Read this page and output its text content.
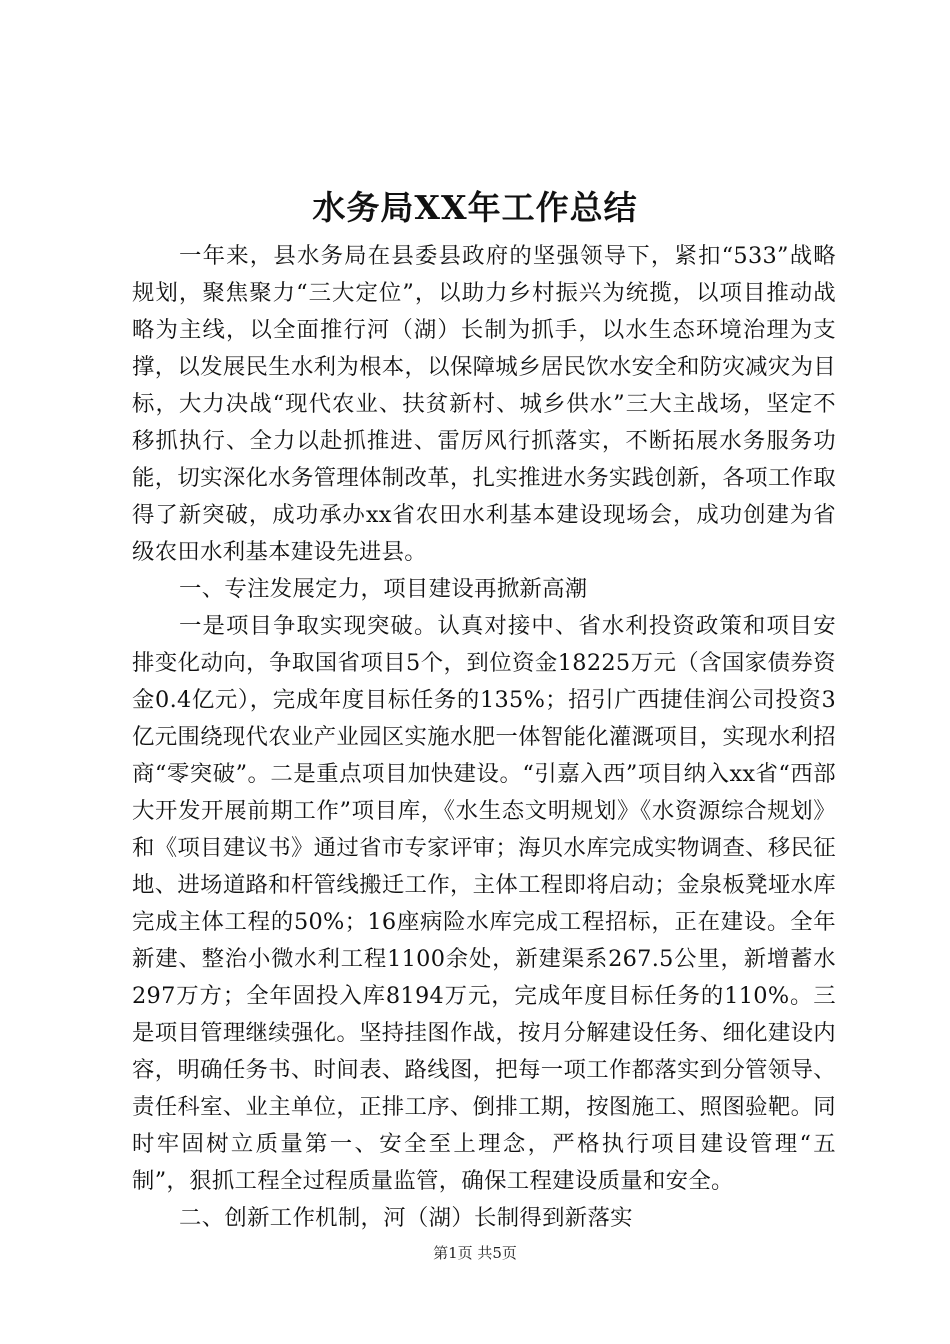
水务局XX年工作总结

一年来，县水务局在县委县政府的坚强领导下，紧扣“533”战略规划，聚焦聚力“三大定位”，以助力乡村振兴为统揽，以项目推动战略为主线，以全面推行河（湖）长制为抓手，以水生态环境治理为支撑，以发展民生水利为根本，以保障城乡居民饮水安全和防灾减灾为目标，大力决战“现代农业、扶贫新村、城乡供水”三大主战场，坚定不移抓执行、全力以赴抓推进、雷厉风行抓落实，不断拓展水务服务功能，切实深化水务管理体制改革，扎实推进水务实践创新，各项工作取得了新突破，成功承办xx省农田水利基本建设现场会，成功创建为省级农田水利基本建设先进县。

一、专注发展定力，项目建设再掀新高潮

一是项目争取实现突破。认真对接中、省水利投资政策和项目安排变化动向，争取国省项目5个，到位资金18225万元（含国家债券资金0.4亿元），完成年度目标任务的135%；招引广西捷佳润公司投资3亿元围绕现代农业产业园区实施水肥一体智能化灌溉项目，实现水利招商“零突破”。二是重点项目加快建设。“引嘉入西”项目纳入xx省“西部大开发开展前期工作”项目库，《水生态文明规划》《水资源综合规划》和《项目建议书》通过省市专家评审；海贝水库完成实物调查、移民征地、进场道路和杆管线搬迁工作，主体工程即将启动；金泉板凳垭水库完成主体工程的50%；16座病险水库完成工程招标，正在建设。全年新建、整治小微水利工程1100余处，新建渠系267.5公里，新增蓄水297万方；全年固投入库8194万元，完成年度目标任务的110%。三是项目管理继续强化。坚持挂图作战，按月分解建设任务、细化建设内容，明确任务书、时间表、路线图，把每一项工作都落实到分管领导、责任科室、业主单位，正排工序、倒排工期，按图施工、照图验靶。同时牢固树立质量第一、安全至上理念，严格执行项目建设管理“五制”，狠抓工程全过程质量监管，确保工程建设质量和安全。

二、创新工作机制，河（湖）长制得到新落实

第1页 共5页
